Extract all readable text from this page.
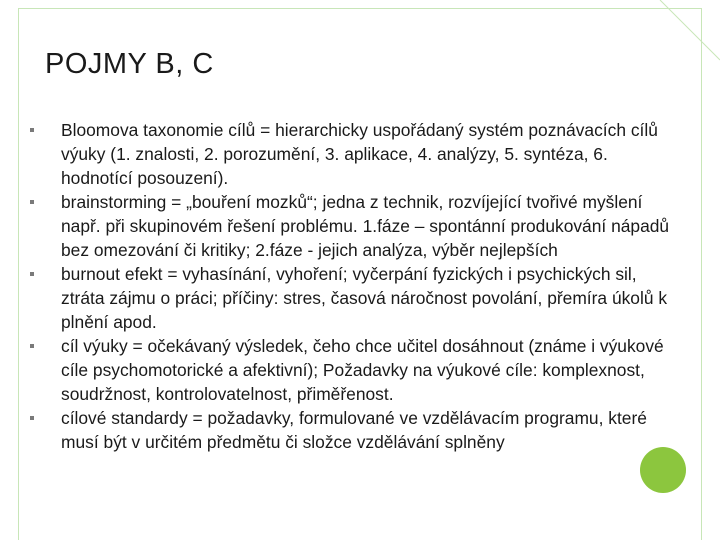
POJMY B, C
Bloomova taxonomie cílů = hierarchicky uspořádaný systém poznávacích cílů výuky (1. znalosti, 2. porozumění, 3. aplikace, 4. analýzy, 5. syntéza, 6. hodnotící posouzení).
brainstorming = „bouření mozků“; jedna z technik, rozvíjející tvořivé myšlení např. při skupinovém řešení problému. 1.fáze – spontánní produkování nápadů bez omezování či kritiky; 2.fáze - jejich analýza, výběr nejlepších
burnout efekt = vyhasínání, vyhoření; vyčerpání fyzických i psychických sil, ztráta zájmu o práci; příčiny: stres, časová náročnost povolání, přemíra úkolů k plnění apod.
cíl výuky = očekávaný výsledek, čeho chce učitel dosáhnout (známe i výukové cíle psychomotorické a afektivní); Požadavky na výukové cíle: komplexnost, soudržnost, kontrolovatelnost, přiměřenost.
cílové standardy = požadavky, formulované ve vzdělávacím programu, které musí být v určitém předmětu či složce vzdělávání splněny
